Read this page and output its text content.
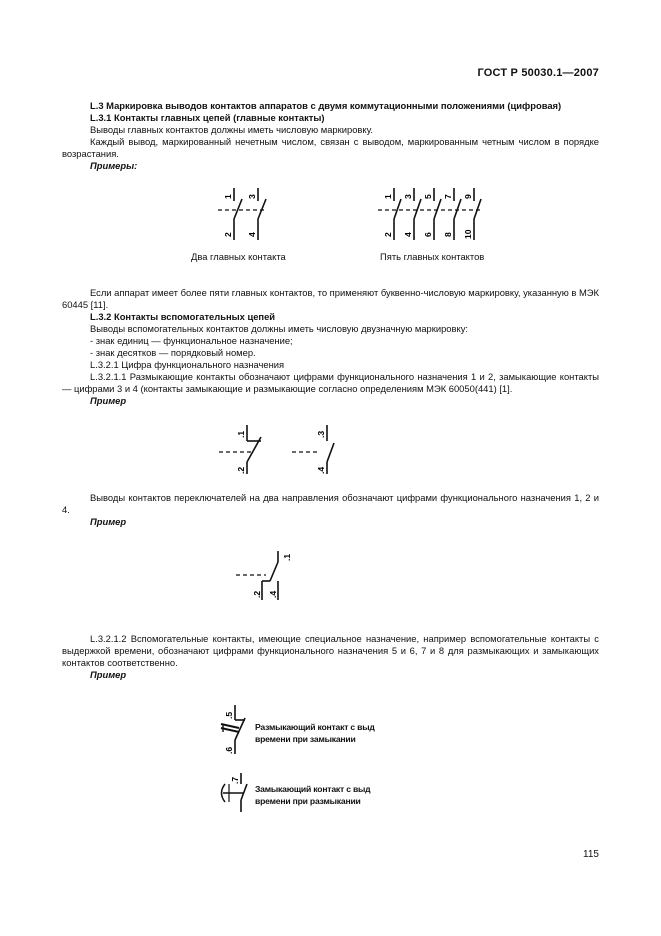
ГОСТ Р 50030.1—2007
L.3 Маркировка выводов контактов аппаратов с двумя коммутационными положениями (цифровая)
L.3.1 Контакты главных цепей (главные контакты)
Выводы главных контактов должны иметь числовую маркировку.
Каждый вывод, маркированный нечетным числом, связан с выводом, маркированным четным числом в порядке возрастания.
Примеры:
1 3
2 4
Два главных контакта
1 3 5 7 9
2 4 6 8 10
Пять главных контактов
Если аппарат имеет более пяти главных контактов, то применяют буквенно-числовую маркировку, указанную в МЭК 60445 [11].
L.3.2 Контакты вспомогательных цепей
Выводы вспомогательных контактов должны иметь числовую двузначную маркировку:
- знак единиц — функциональное назначение;
- знак десятков — порядковый номер.
L.3.2.1 Цифра функционального назначения
L.3.2.1.1 Размыкающие контакты обозначают цифрами функционального назначения 1 и 2, замыкающие контакты — цифрами 3 и 4 (контакты замыкающие и размыкающие согласно определениям МЭК 60050(441) [1].
Пример
.1
.2
.3
.4
Выводы контактов переключателей на два направления обозначают цифрами функционального назначения 1, 2 и 4.
Пример
.1
.2 .4
L.3.2.1.2 Вспомогательные контакты, имеющие специальное назначение, например вспомогательные контакты с выдержкой времени, обозначают цифрами функционального назначения 5 и 6, 7 и 8 для размыкающих и замыкающих контактов соответственно.
Пример
.5
.6
Размыкающий контакт с выд
времени при замыкании
.7
Замыкающий контакт с выд
времени при размыкании
115
